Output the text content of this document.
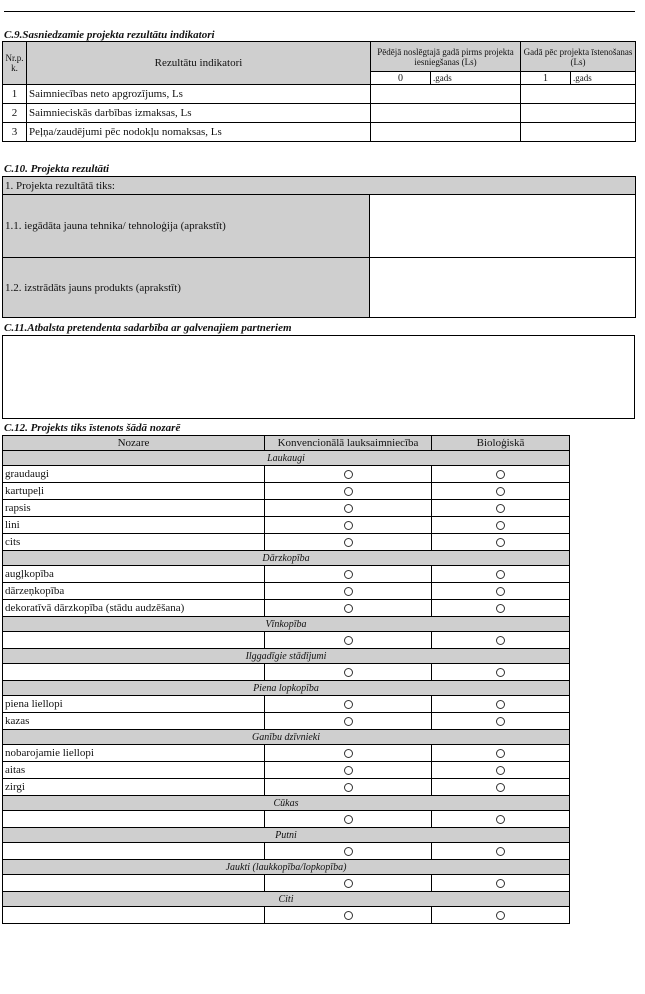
C.9.Sasniedzamie projekta rezultātu indikatori
Nr.p. k.	Rezultātu indikatori	Pēdējā noslēgtajā gadā pirms projekta iesniegšanas (Ls)		Gadā pēc projekta īstenošanas (Ls)	
		0	.gads	1	.gads
1	Saimniecības neto apgrozījums, Ls				
2	Saimnieciskās darbības izmaksas, Ls				
3	Peļņa/zaudējumi pēc nodokļu nomaksas, Ls				
C.10. Projekta rezultāti
1. Projekta rezultātā tiks:	
1.1. iegādāta jauna tehnika/ tehnoloģija (aprakstīt)	
1.2. izstrādāts jauns produkts (aprakstīt)	
C.11.Atbalsta pretendenta sadarbība ar galvenajiem partneriem
C.12. Projekts tiks īstenots šādā nozarē
Nozare	Konvencionālā lauksaimniecība	Bioloģiskā
Laukaugi		
graudaugi		
kartupeļi		
rapsis		
lini		
cits		
Dārzkopība		
augļkopība		
dārzeņkopība		
dekoratīvā dārzkopība (stādu audzēšana)		
Vīnkopība		

Ilggadīgie stādījumi		

Piena lopkopība		
piena liellopi		
kazas		
Ganību dzīvnieki		
nobarojamie liellopi		
aitas		
zirgi		
Cūkas		

Putni		

Jaukti (laukkopība/lopkopība)		

Citi		
